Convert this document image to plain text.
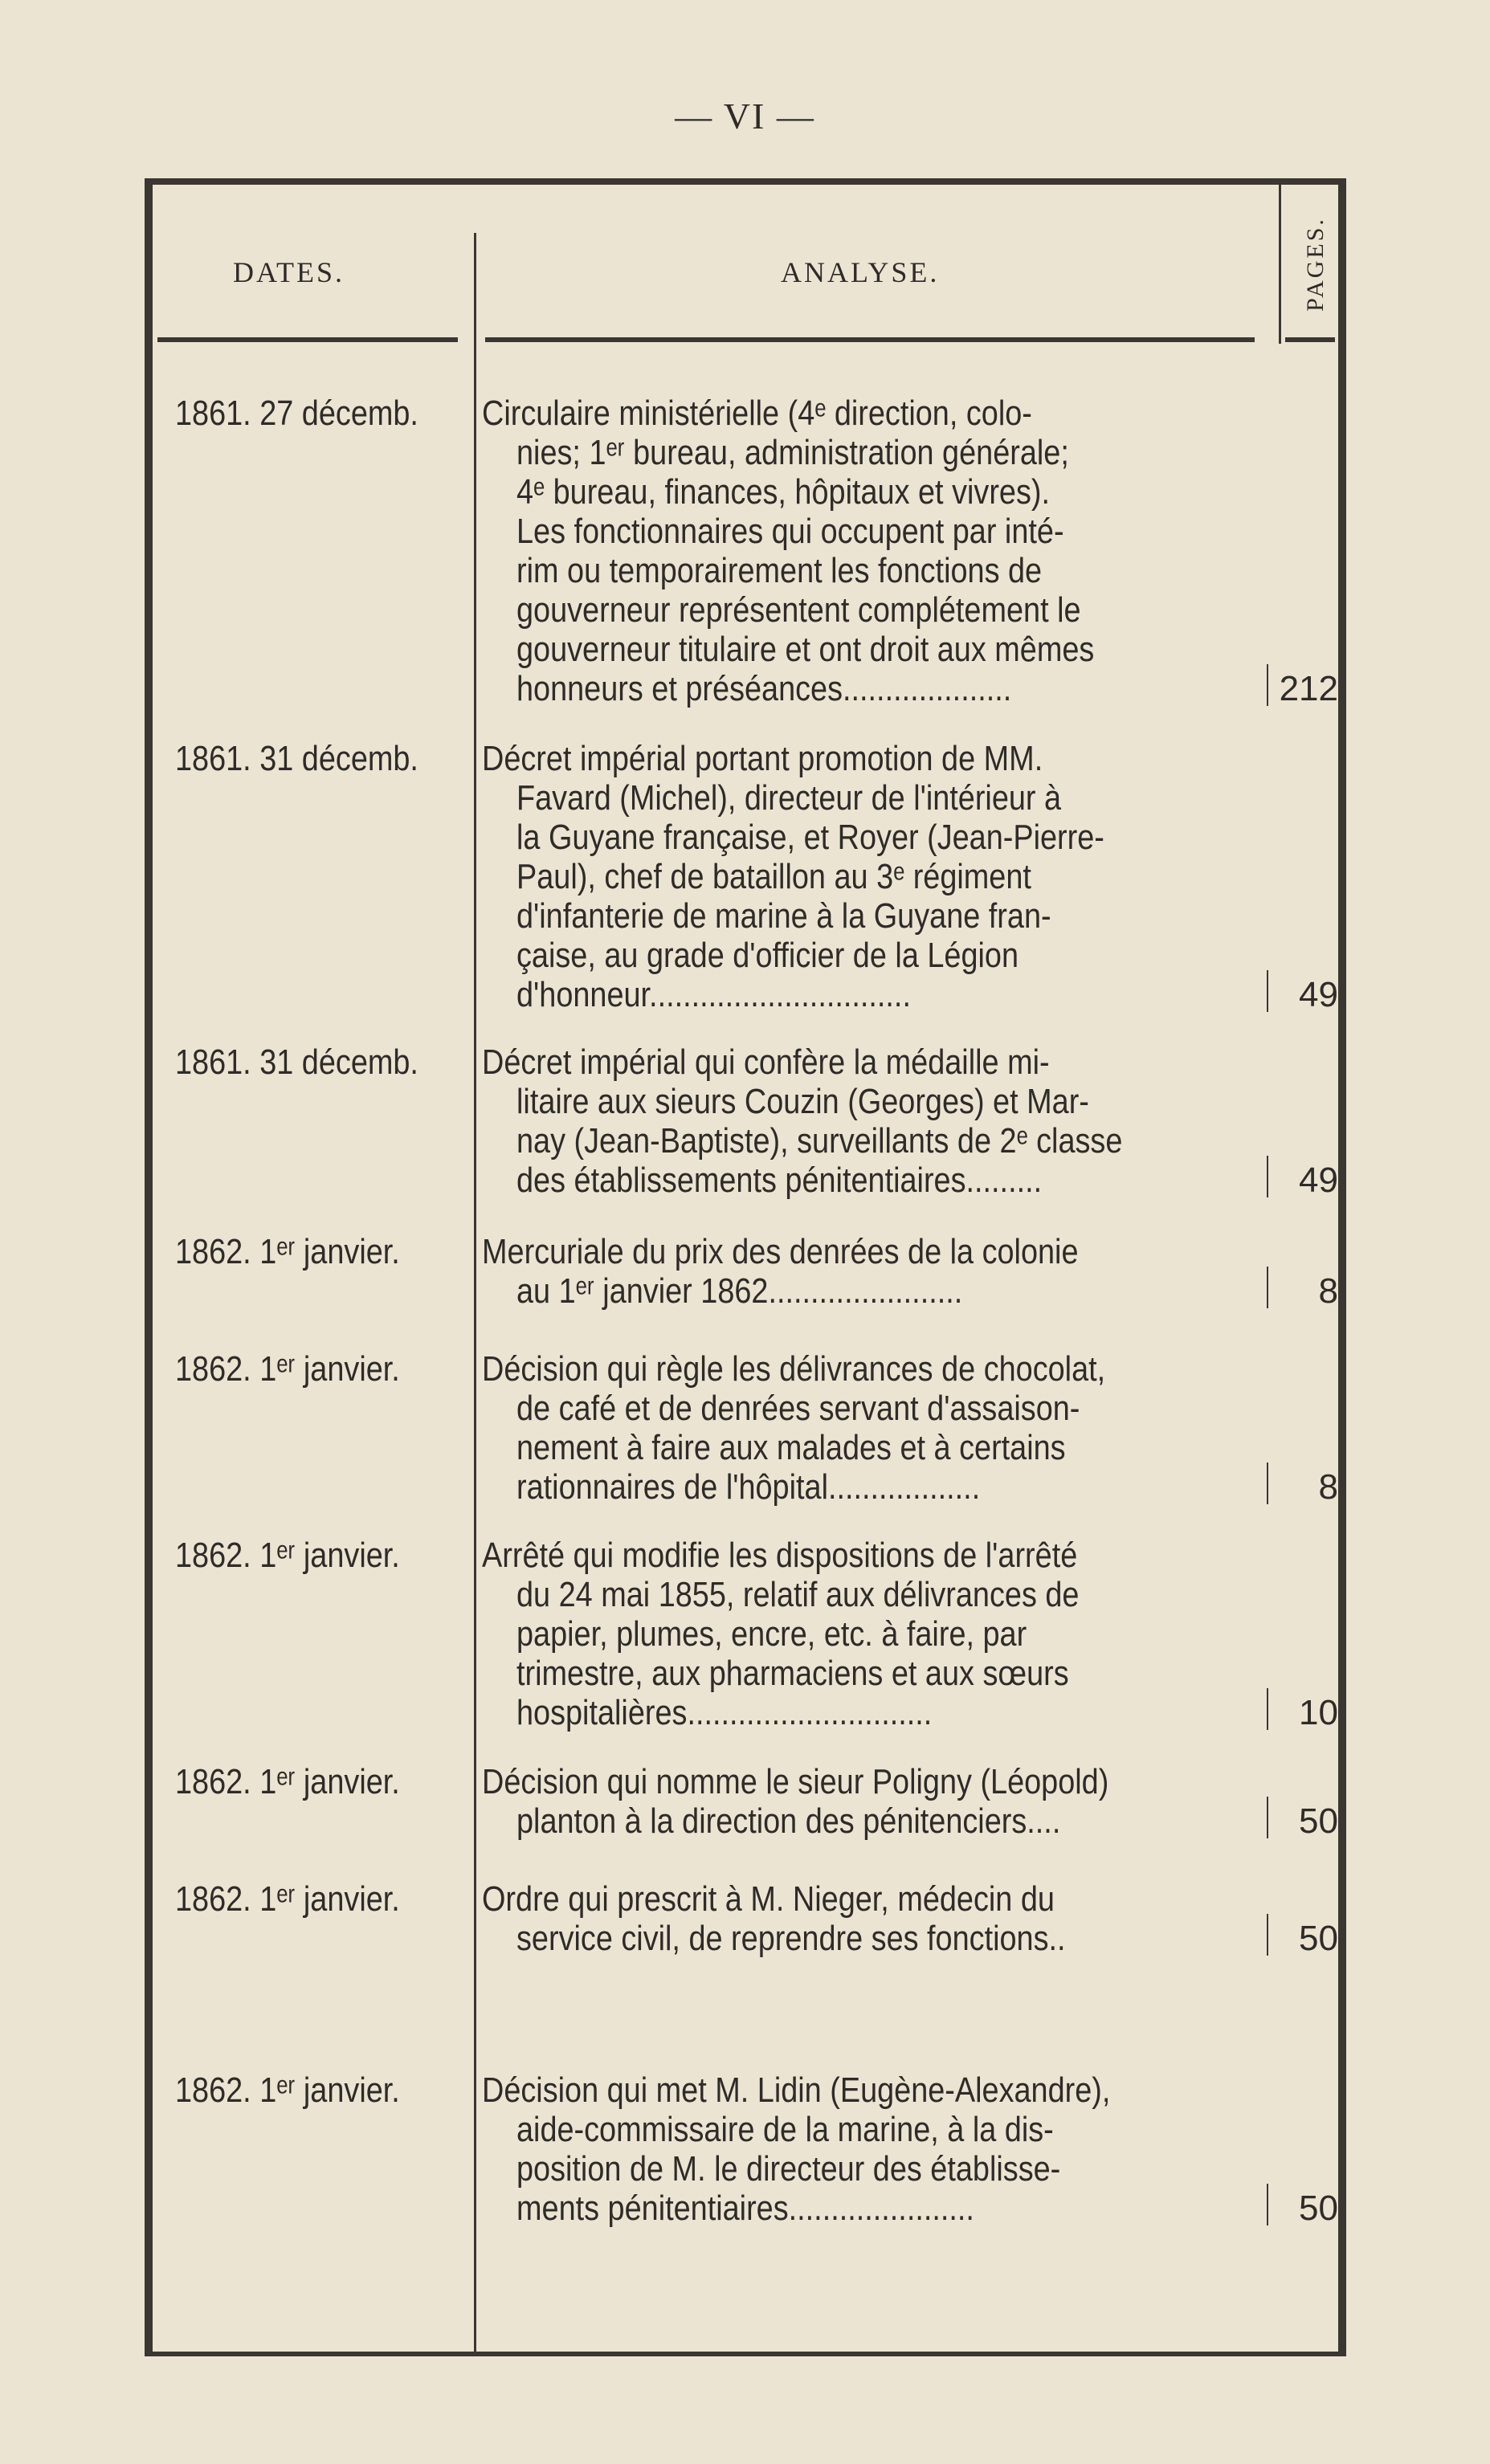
— VI —
DATES.	ANALYSE.	PAGES.
1861. 27 décemb. Circulaire ministérielle (4ᵉ direction, colo-
nies; 1ᵉʳ bureau, administration générale;
4ᵉ bureau, finances, hôpitaux et vivres).
Les fonctionnaires qui occupent par inté-
rim ou temporairement les fonctions de
gouverneur représentent complétement le
gouverneur titulaire et ont droit aux mêmes
honneurs et préséances....................	212
1861. 31 décemb. Décret impérial portant promotion de MM.
Favard (Michel), directeur de l'intérieur à
la Guyane française, et Royer (Jean-Pierre-
Paul), chef de bataillon au 3ᵉ régiment
d'infanterie de marine à la Guyane fran-
çaise, au grade d'officier de la Légion
d'honneur...............................	49
1861. 31 décemb. Décret impérial qui confère la médaille mi-
litaire aux sieurs Couzin (Georges) et Mar-
nay (Jean-Baptiste), surveillants de 2ᵉ classe
des établissements pénitentiaires.........	49
1862. 1ᵉʳ janvier. Mercuriale du prix des denrées de la colonie
au 1ᵉʳ janvier 1862.......................	8
1862. 1ᵉʳ janvier. Décision qui règle les délivrances de chocolat,
de café et de denrées servant d'assaison-
nement à faire aux malades et à certains
rationnaires de l'hôpital..................	8
1862. 1ᵉʳ janvier. Arrêté qui modifie les dispositions de l'arrêté
du 24 mai 1855, relatif aux délivrances de
papier, plumes, encre, etc. à faire, par
trimestre, aux pharmaciens et aux sœurs
hospitalières.............................	10
1862. 1ᵉʳ janvier. Décision qui nomme le sieur Poligny (Léopold)
planton à la direction des pénitenciers....	50
1862. 1ᵉʳ janvier. Ordre qui prescrit à M. Nieger, médecin du
service civil, de reprendre ses fonctions..	50
1862. 1ᵉʳ janvier. Décision qui met M. Lidin (Eugène-Alexandre),
aide-commissaire de la marine, à la dis-
position de M. le directeur des établisse-
ments pénitentiaires......................	50
